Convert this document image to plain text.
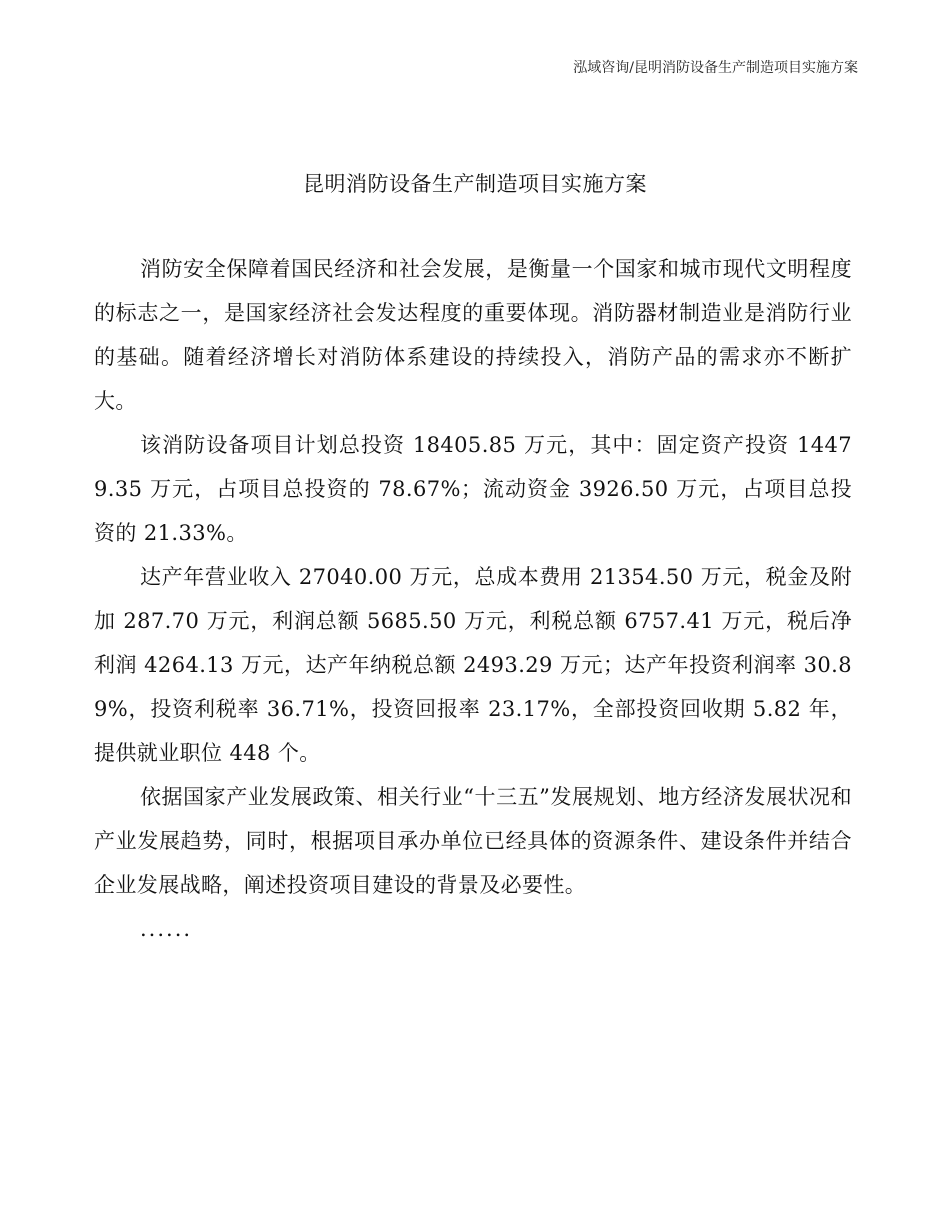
泓域咨询/昆明消防设备生产制造项目实施方案
昆明消防设备生产制造项目实施方案

消防安全保障着国民经济和社会发展，是衡量一个国家和城市现代文明程度的标志之一，是国家经济社会发达程度的重要体现。消防器材制造业是消防行业的基础。随着经济增长对消防体系建设的持续投入，消防产品的需求亦不断扩大。

该消防设备项目计划总投资 18405.85 万元，其中：固定资产投资 14479.35 万元，占项目总投资的 78.67%；流动资金 3926.50 万元，占项目总投资的 21.33%。

达产年营业收入 27040.00 万元，总成本费用 21354.50 万元，税金及附加 287.70 万元，利润总额 5685.50 万元，利税总额 6757.41 万元，税后净利润 4264.13 万元，达产年纳税总额 2493.29 万元；达产年投资利润率 30.89%，投资利税率 36.71%，投资回报率 23.17%，全部投资回收期 5.82 年，提供就业职位 448 个。

依据国家产业发展政策、相关行业“十三五”发展规划、地方经济发展状况和产业发展趋势，同时，根据项目承办单位已经具体的资源条件、建设条件并结合企业发展战略，阐述投资项目建设的背景及必要性。

......
